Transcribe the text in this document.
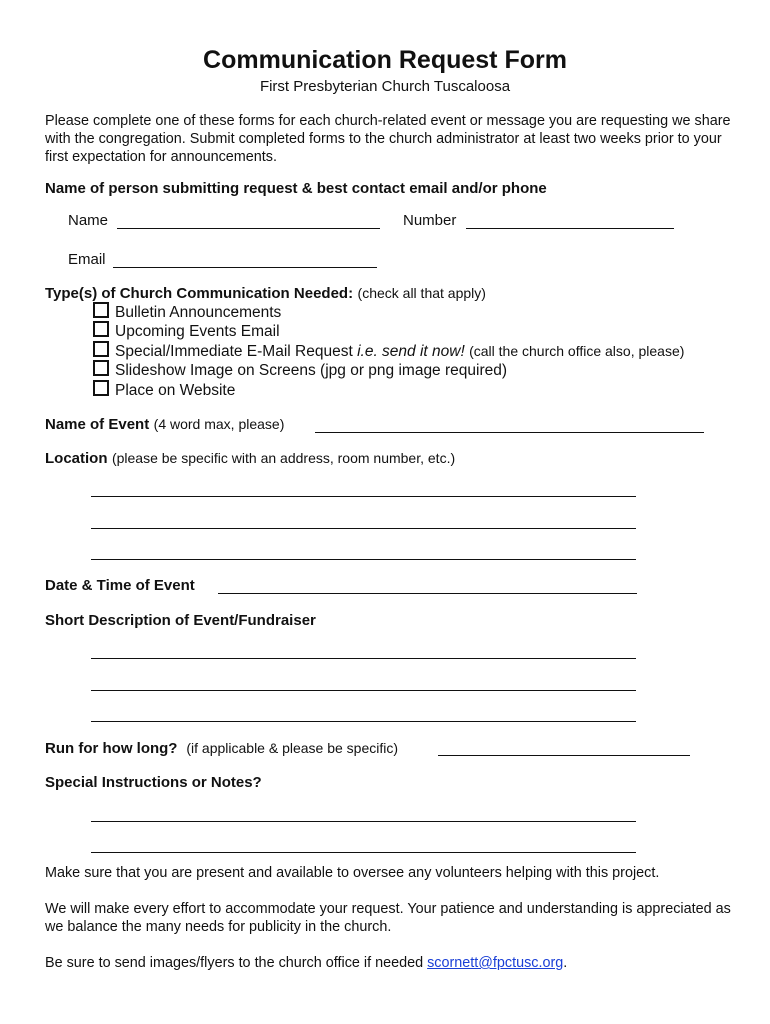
Communication Request Form
First Presbyterian Church Tuscaloosa
Please complete one of these forms for each church-related event or message you are requesting we share with the congregation. Submit completed forms to the church administrator at least two weeks prior to your first expectation for announcements.
Name of person submitting request & best contact email and/or phone
Name	Number
Email
Type(s) of Church Communication Needed: (check all that apply)
Bulletin Announcements
Upcoming Events Email
Special/Immediate E-Mail Request i.e. send it now! (call the church office also, please)
Slideshow Image on Screens (jpg or png image required)
Place on Website
Name of Event (4 word max, please)
Location (please be specific with an address, room number, etc.)
Date & Time of Event
Short Description of Event/Fundraiser
Run for how long? (if applicable & please be specific)
Special Instructions or Notes?
Make sure that you are present and available to oversee any volunteers helping with this project.
We will make every effort to accommodate your request. Your patience and understanding is appreciated as we balance the many needs for publicity in the church.
Be sure to send images/flyers to the church office if needed scornett@fpctusc.org.
